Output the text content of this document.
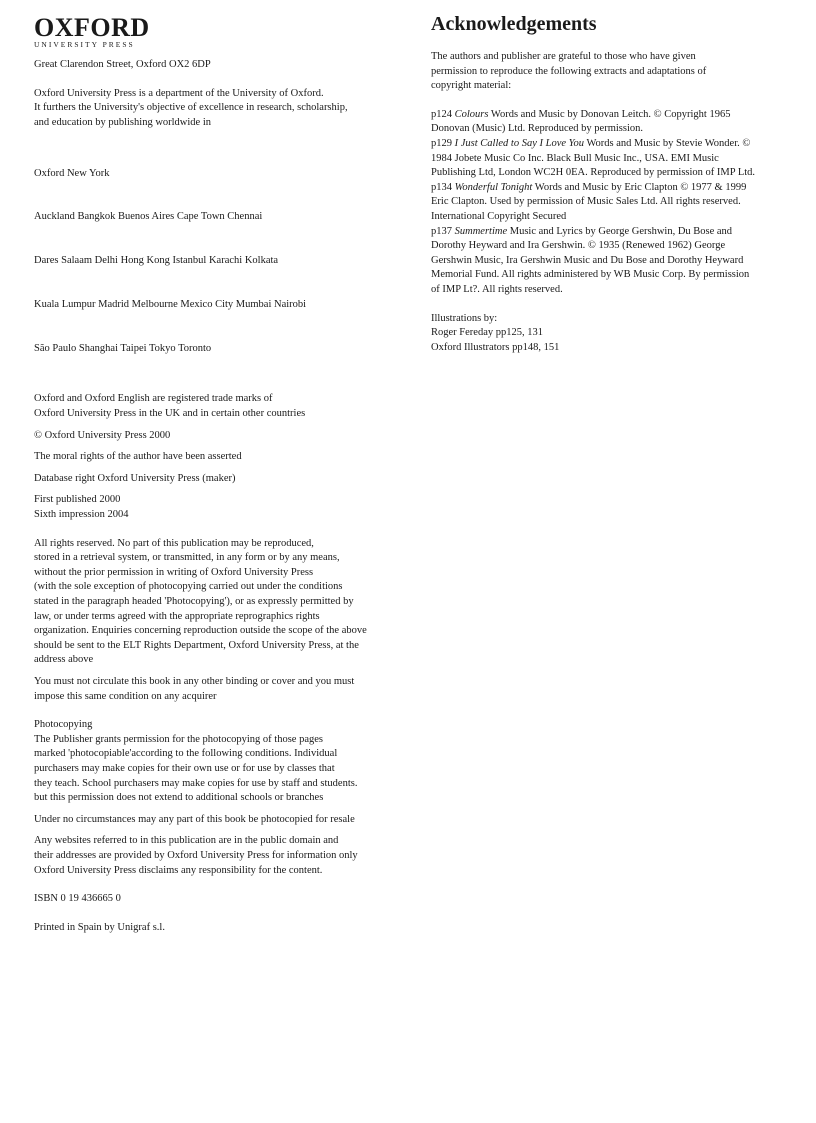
OXFORD
UNIVERSITY PRESS

Great Clarendon Street, Oxford OX2 6DP

Oxford University Press is a department of the University of Oxford.
It furthers the University's objective of excellence in research, scholarship,
and education by publishing worldwide in

Oxford New York

Auckland Bangkok Buenos Aires Cape Town Chennai

Dares Salaam Delhi Hong Kong Istanbul Karachi Kolkata

Kuala Lumpur Madrid Melbourne Mexico City Mumbai Nairobi

São Paulo Shanghai Taipei Tokyo Toronto

Oxford and Oxford English are registered trade marks of
Oxford University Press in the UK and in certain other countries

© Oxford University Press 2000

The moral rights of the author have been asserted

Database right Oxford University Press (maker)

First published 2000
Sixth impression 2004
All rights reserved. No part of this publication may be reproduced,
stored in a retrieval system, or transmitted, in any form or by any means,
without the prior permission in writing of Oxford University Press
(with the sole exception of photocopying carried out under the conditions
stated in the paragraph headed 'Photocopying'), or as expressly permitted by
law, or under terms agreed with the appropriate reprographics rights
organization. Enquiries concerning reproduction outside the scope of the above
should be sent to the ELT Rights Department, Oxford University Press, at the
address above
You must not circulate this book in any other binding or cover and you must
impose this same condition on any acquirer
Photocopying
The Publisher grants permission for the photocopying of those pages
marked 'photocopiable'according to the following conditions. Individual
purchasers may make copies for their own use or for use by classes that
they teach. School purchasers may make copies for use by staff and students.
but this permission does not extend to additional schools or branches

Under no circumstances may any part of this book be photocopied for resale

Any websites referred to in this publication are in the public domain and
their addresses are provided by Oxford University Press for information only
Oxford University Press disclaims any responsibility for the content.

ISBN 0 19 436665 0

Printed in Spain by Unigraf s.l.

Acknowledgements
The authors and publisher are grateful to those who have given
permission to reproduce the following extracts and adaptations of
copyright material:
p124 Colours Words and Music by Donovan Leitch. © Copyright 1965
Donovan (Music) Ltd. Reproduced by permission.
p129 I Just Called to Say I Love You Words and Music by Stevie Wonder. ©
1984 Jobete Music Co Inc. Black Bull Music Inc., USA. EMI Music
Publishing Ltd, London WC2H 0EA. Reproduced by permission of IMP Ltd.
p134 Wonderful Tonight Words and Music by Eric Clapton © 1977 & 1999
Eric Clapton. Used by permission of Music Sales Ltd. All rights reserved.
International Copyright Secured
p137 Summertime Music and Lyrics by George Gershwin, Du Bose and
Dorothy Heyward and Ira Gershwin. © 1935 (Renewed 1962) George
Gershwin Music, Ira Gershwin Music and Du Bose and Dorothy Heyward
Memorial Fund. All rights administered by WB Music Corp. By permission
of IMP Lt?. All rights reserved.
Illustrations by:
Roger Fereday pp125, 131
Oxford Illustrators pp148, 151
